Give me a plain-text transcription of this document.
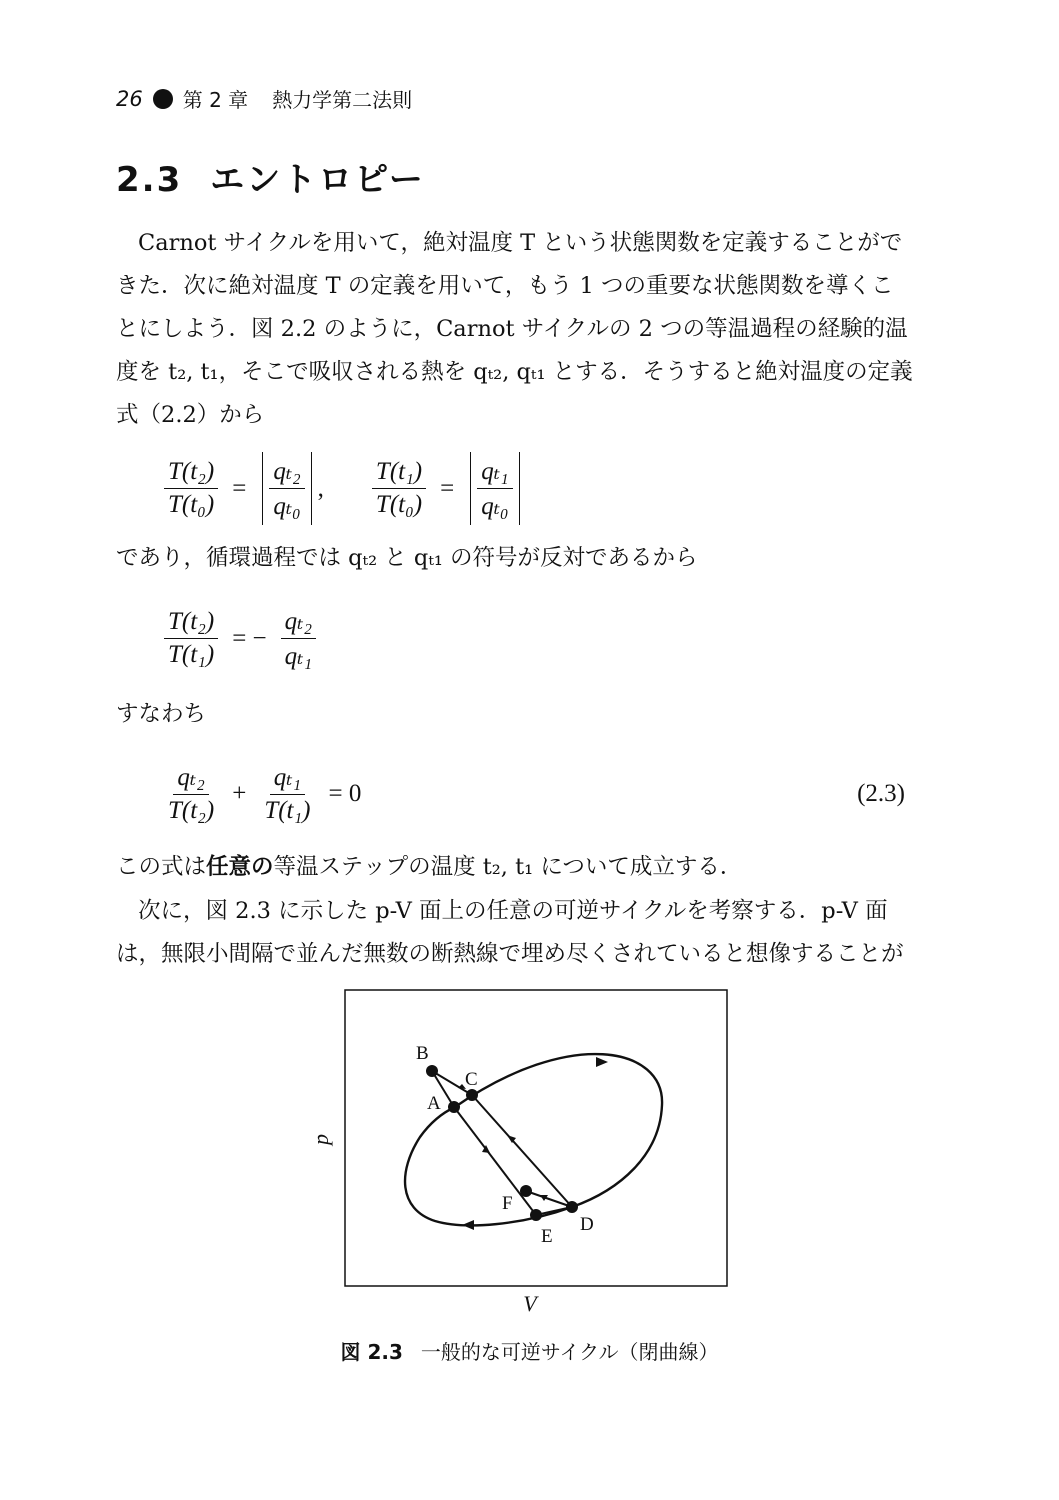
26 第 2 章 熱力学第二法則
2.3 エントロピー
Carnot サイクルを用いて，絶対温度 T という状態関数を定義することがで
きた．次に絶対温度 T の定義を用いて，もう 1 つの重要な状態関数を導くこ
とにしよう．図 2.2 のように，Carnot サイクルの 2 つの等温過程の経験的温
度を t₂, t₁，そこで吸収される熱を qₜ₂, qₜ₁ とする．そうすると絶対温度の定義
式（2.2）から
$\frac{\text{T(t₂)}}{\text{T(t₀)}} = \frac{\text{qₜ₂}}{\text{qₜ₀}}$ , $\frac{\text{T(t₁)}}{\text{T(t₀)}} = \frac{\text{qₜ₁}}{\text{qₜ₀}}$
であり，循環過程では qₜ₂ と qₜ₁ の符号が反対であるから
$\frac{\text{T(t₂)}}{\text{T(t₁)}}$ = − $\frac{\text{qₜ₂}}{\text{qₜ₁}}$
すなわち
$\frac{\text{qₜ₂}}{\text{T(t₂)}} + \frac{\text{qₜ₁}}{\text{T(t₁)}} = 0$	(2.3)
この式は任意の等温ステップの温度 t₂, t₁ について成立する．
次に，図 2.3 に示した p-V 面上の任意の可逆サイクルを考察する．p-V 面
は，無限小間隔で並んだ無数の断熱線で埋め尽くされていると想像することが
B
C
A
D
E
F
p
V
図 2.3 一般的な可逆サイクル（閉曲線）
